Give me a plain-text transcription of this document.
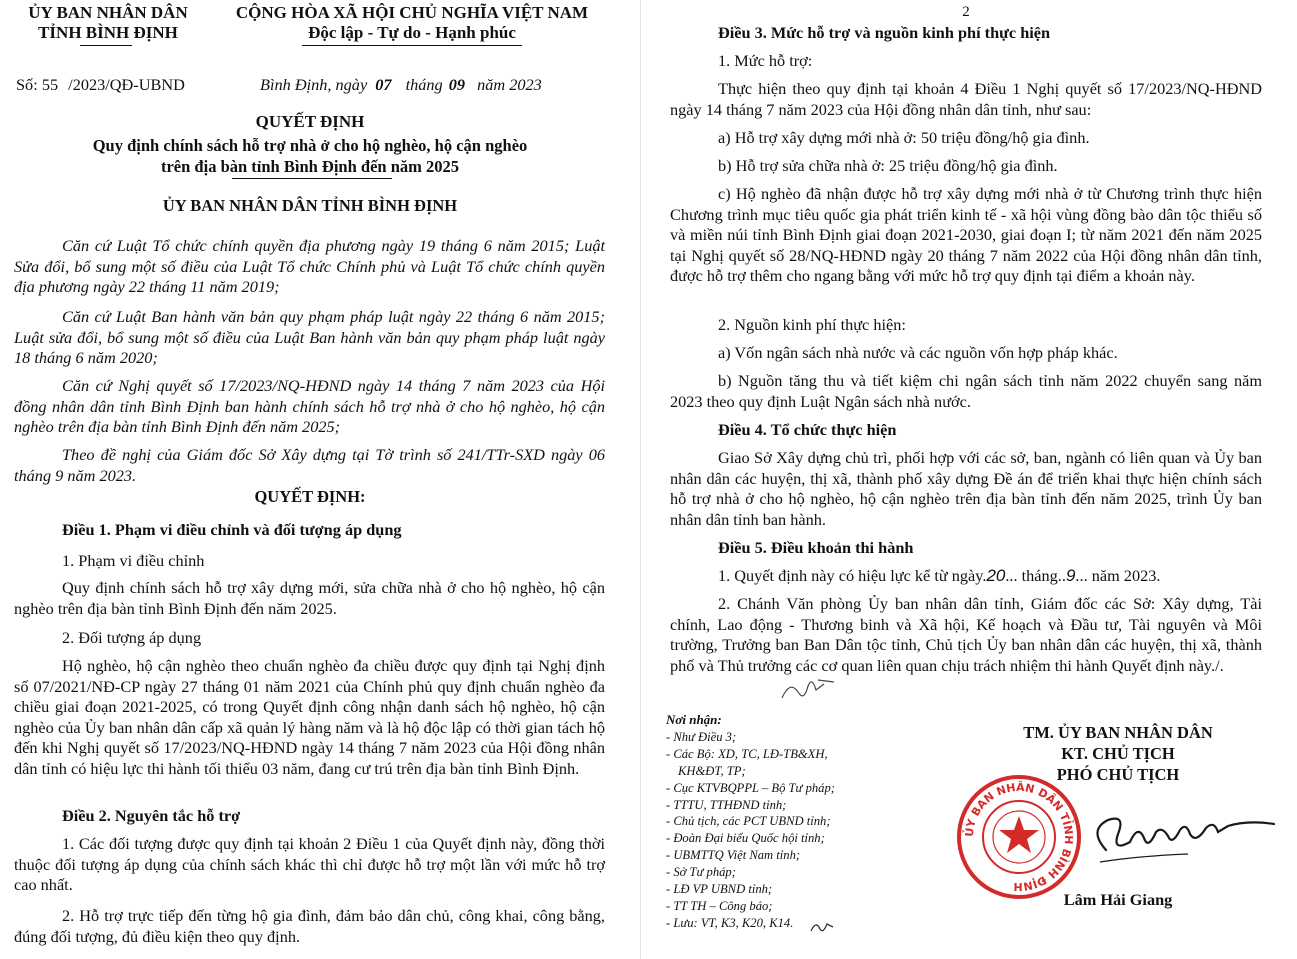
ỦY BAN NHÂN DÂN
TỈNH BÌNH ĐỊNH
CỘNG HÒA XÃ HỘI CHỦ NGHĨA VIỆT NAM
Độc lập - Tự do - Hạnh phúc
Số: 55 /2023/QĐ-UBND	Bình Định, ngày 07 tháng 09 năm 2023
QUYẾT ĐỊNH
Quy định chính sách hỗ trợ nhà ở cho hộ nghèo, hộ cận nghèo
trên địa bàn tỉnh Bình Định đến năm 2025
ỦY BAN NHÂN DÂN TỈNH BÌNH ĐỊNH

Căn cứ Luật Tổ chức chính quyền địa phương ngày 19 tháng 6 năm 2015; Luật Sửa đổi, bổ sung một số điều của Luật Tổ chức Chính phủ và Luật Tổ chức chính quyền địa phương ngày 22 tháng 11 năm 2019;

Căn cứ Luật Ban hành văn bản quy phạm pháp luật ngày 22 tháng 6 năm 2015; Luật sửa đổi, bổ sung một số điều của Luật Ban hành văn bản quy phạm pháp luật ngày 18 tháng 6 năm 2020;

Căn cứ Nghị quyết số 17/2023/NQ-HĐND ngày 14 tháng 7 năm 2023 của Hội đồng nhân dân tỉnh Bình Định ban hành chính sách hỗ trợ nhà ở cho hộ nghèo, hộ cận nghèo trên địa bàn tỉnh Bình Định đến năm 2025;

Theo đề nghị của Giám đốc Sở Xây dựng tại Tờ trình số 241/TTr-SXD ngày 06 tháng 9 năm 2023.

QUYẾT ĐỊNH:

Điều 1. Phạm vi điều chỉnh và đối tượng áp dụng

1. Phạm vi điều chỉnh

Quy định chính sách hỗ trợ xây dựng mới, sửa chữa nhà ở cho hộ nghèo, hộ cận nghèo trên địa bàn tỉnh Bình Định đến năm 2025.

2. Đối tượng áp dụng

Hộ nghèo, hộ cận nghèo theo chuẩn nghèo đa chiều được quy định tại Nghị định số 07/2021/NĐ-CP ngày 27 tháng 01 năm 2021 của Chính phủ quy định chuẩn nghèo đa chiều giai đoạn 2021-2025, có trong Quyết định công nhận danh sách hộ nghèo, hộ cận nghèo của Ủy ban nhân dân cấp xã quản lý hàng năm và là hộ độc lập có thời gian tách hộ đến khi Nghị quyết số 17/2023/NQ-HĐND ngày 14 tháng 7 năm 2023 của Hội đồng nhân dân tỉnh có hiệu lực thi hành tối thiểu 03 năm, đang cư trú trên địa bàn tỉnh Bình Định.

Điều 2. Nguyên tắc hỗ trợ

1. Các đối tượng được quy định tại khoản 2 Điều 1 của Quyết định này, đồng thời thuộc đối tượng áp dụng của chính sách khác thì chỉ được hỗ trợ một lần với mức hỗ trợ cao nhất.

2. Hỗ trợ trực tiếp đến từng hộ gia đình, đảm bảo dân chủ, công khai, công bằng, đúng đối tượng, đủ điều kiện theo quy định.

2

Điều 3. Mức hỗ trợ và nguồn kinh phí thực hiện

1. Mức hỗ trợ:

Thực hiện theo quy định tại khoản 4 Điều 1 Nghị quyết số 17/2023/NQ-HĐND ngày 14 tháng 7 năm 2023 của Hội đồng nhân dân tỉnh, như sau:

a) Hỗ trợ xây dựng mới nhà ở: 50 triệu đồng/hộ gia đình.

b) Hỗ trợ sửa chữa nhà ở: 25 triệu đồng/hộ gia đình.

c) Hộ nghèo đã nhận được hỗ trợ xây dựng mới nhà ở từ Chương trình thực hiện Chương trình mục tiêu quốc gia phát triển kinh tế - xã hội vùng đồng bào dân tộc thiểu số và miền núi tỉnh Bình Định giai đoạn 2021-2030, giai đoạn I; từ năm 2021 đến năm 2025 tại Nghị quyết số 28/NQ-HĐND ngày 20 tháng 7 năm 2022 của Hội đồng nhân dân tỉnh, được hỗ trợ thêm cho ngang bằng với mức hỗ trợ quy định tại điểm a khoản này.

2. Nguồn kinh phí thực hiện:

a) Vốn ngân sách nhà nước và các nguồn vốn hợp pháp khác.

b) Nguồn tăng thu và tiết kiệm chi ngân sách tỉnh năm 2022 chuyển sang năm 2023 theo quy định Luật Ngân sách nhà nước.

Điều 4. Tổ chức thực hiện

Giao Sở Xây dựng chủ trì, phối hợp với các sở, ban, ngành có liên quan và Ủy ban nhân dân các huyện, thị xã, thành phố xây dựng Đề án để triển khai thực hiện chính sách hỗ trợ nhà ở cho hộ nghèo, hộ cận nghèo trên địa bàn tỉnh đến năm 2025, trình Ủy ban nhân dân tỉnh ban hành.

Điều 5. Điều khoản thi hành

1. Quyết định này có hiệu lực kể từ ngày.20... tháng..9... năm 2023.

2. Chánh Văn phòng Ủy ban nhân dân tỉnh, Giám đốc các Sở: Xây dựng, Tài chính, Lao động - Thương binh và Xã hội, Kế hoạch và Đầu tư, Tài nguyên và Môi trường, Trưởng ban Ban Dân tộc tỉnh, Chủ tịch Ủy ban nhân dân các huyện, thị xã, thành phố và Thủ trưởng các cơ quan liên quan chịu trách nhiệm thi hành Quyết định này./.

Nơi nhận:
- Như Điều 3;
- Các Bộ: XD, TC, LĐ-TB&XH,
KH&ĐT, TP;
- Cục KTVBQPPL – Bộ Tư pháp;
- TTTU, TTHĐND tỉnh;
- Chủ tịch, các PCT UBND tỉnh;
- Đoàn Đại biểu Quốc hội tỉnh;
- UBMTTQ Việt Nam tỉnh;
- Sở Tư pháp;
- LĐ VP UBND tỉnh;
- TT TH – Công báo;
- Lưu: VT, K3, K20, K14.
TM. ỦY BAN NHÂN DÂN
KT. CHỦ TỊCH
PHÓ CHỦ TỊCH
ỦY BAN NHÂN DÂN TỈNH BÌNH ĐỊNH
Lâm Hải Giang
